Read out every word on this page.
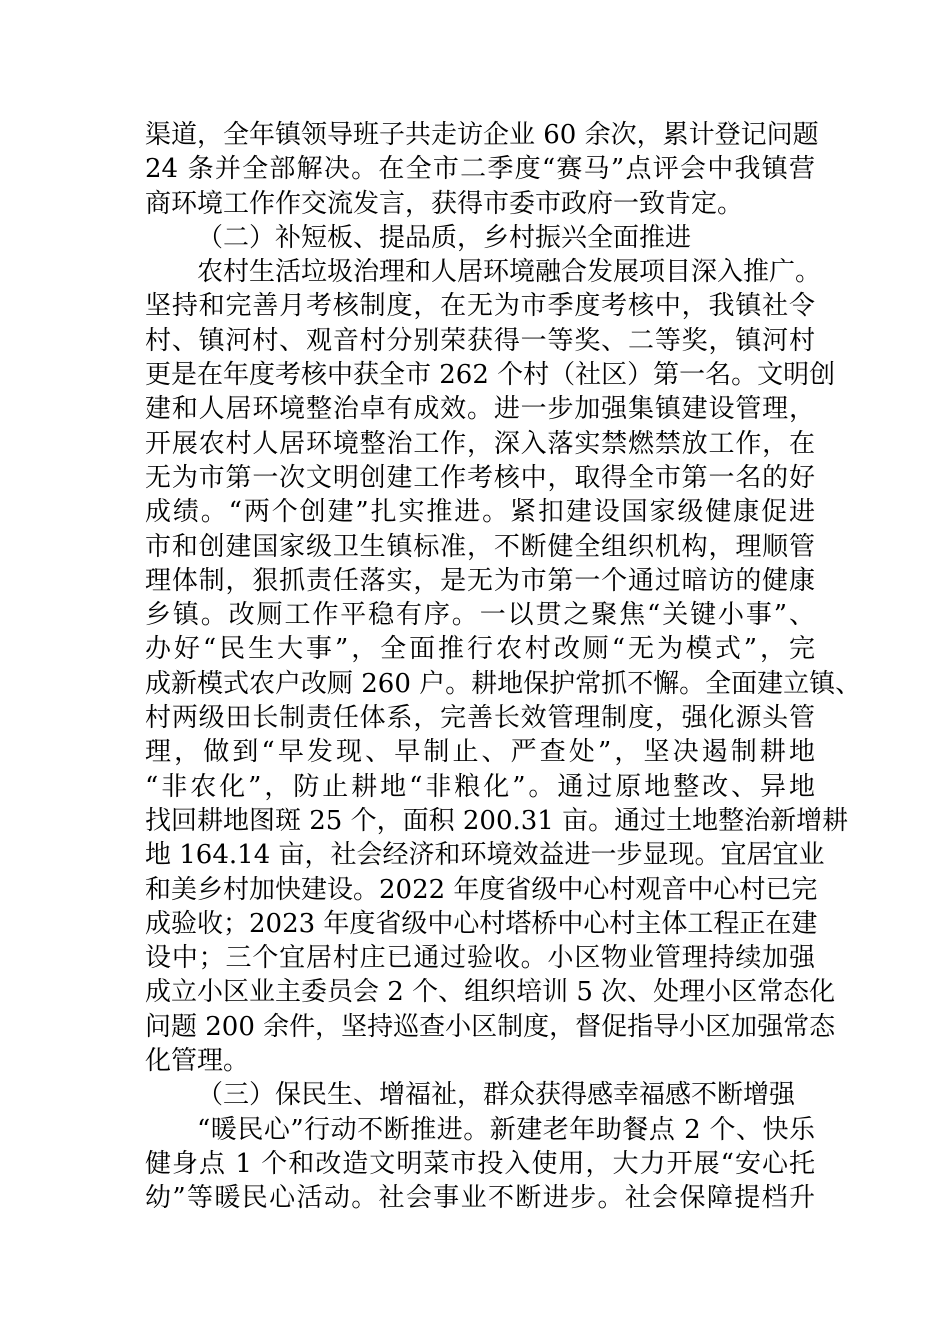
渠道，全年镇领导班子共走访企业 60 余次，累计登记问题
24 条并全部解决。在全市二季度“赛马”点评会中我镇营
商环境工作作交流发言，获得市委市政府一致肯定。
（二）补短板、提品质，乡村振兴全面推进
农村生活垃圾治理和人居环境融合发展项目深入推广。
坚持和完善月考核制度，在无为市季度考核中，我镇社令
村、镇河村、观音村分别荣获得一等奖、二等奖，镇河村
更是在年度考核中获全市 262 个村（社区）第一名。文明创
建和人居环境整治卓有成效。进一步加强集镇建设管理，
开展农村人居环境整治工作，深入落实禁燃禁放工作，在
无为市第一次文明创建工作考核中，取得全市第一名的好
成绩。“两个创建”扎实推进。紧扣建设国家级健康促进
市和创建国家级卫生镇标准，不断健全组织机构，理顺管
理体制，狠抓责任落实，是无为市第一个通过暗访的健康
乡镇。改厕工作平稳有序。一以贯之聚焦“关键小事”、
办好“民生大事”，全面推行农村改厕“无为模式”，完
成新模式农户改厕 260 户。耕地保护常抓不懈。全面建立镇、
村两级田长制责任体系，完善长效管理制度，强化源头管
理，做到“早发现、早制止、严查处”，坚决遏制耕地
“非农化”，防止耕地“非粮化”。通过原地整改、异地
找回耕地图斑 25 个，面积 200.31 亩。通过土地整治新增耕
地 164.14 亩，社会经济和环境效益进一步显现。宜居宜业
和美乡村加快建设。2022 年度省级中心村观音中心村已完
成验收；2023 年度省级中心村塔桥中心村主体工程正在建
设中；三个宜居村庄已通过验收。小区物业管理持续加强
成立小区业主委员会 2 个、组织培训 5 次、处理小区常态化
问题 200 余件，坚持巡查小区制度，督促指导小区加强常态
化管理。
（三）保民生、增福祉，群众获得感幸福感不断增强
“暖民心”行动不断推进。新建老年助餐点 2 个、快乐
健身点 1 个和改造文明菜市投入使用，大力开展“安心托
幼”等暖民心活动。社会事业不断进步。社会保障提档升
